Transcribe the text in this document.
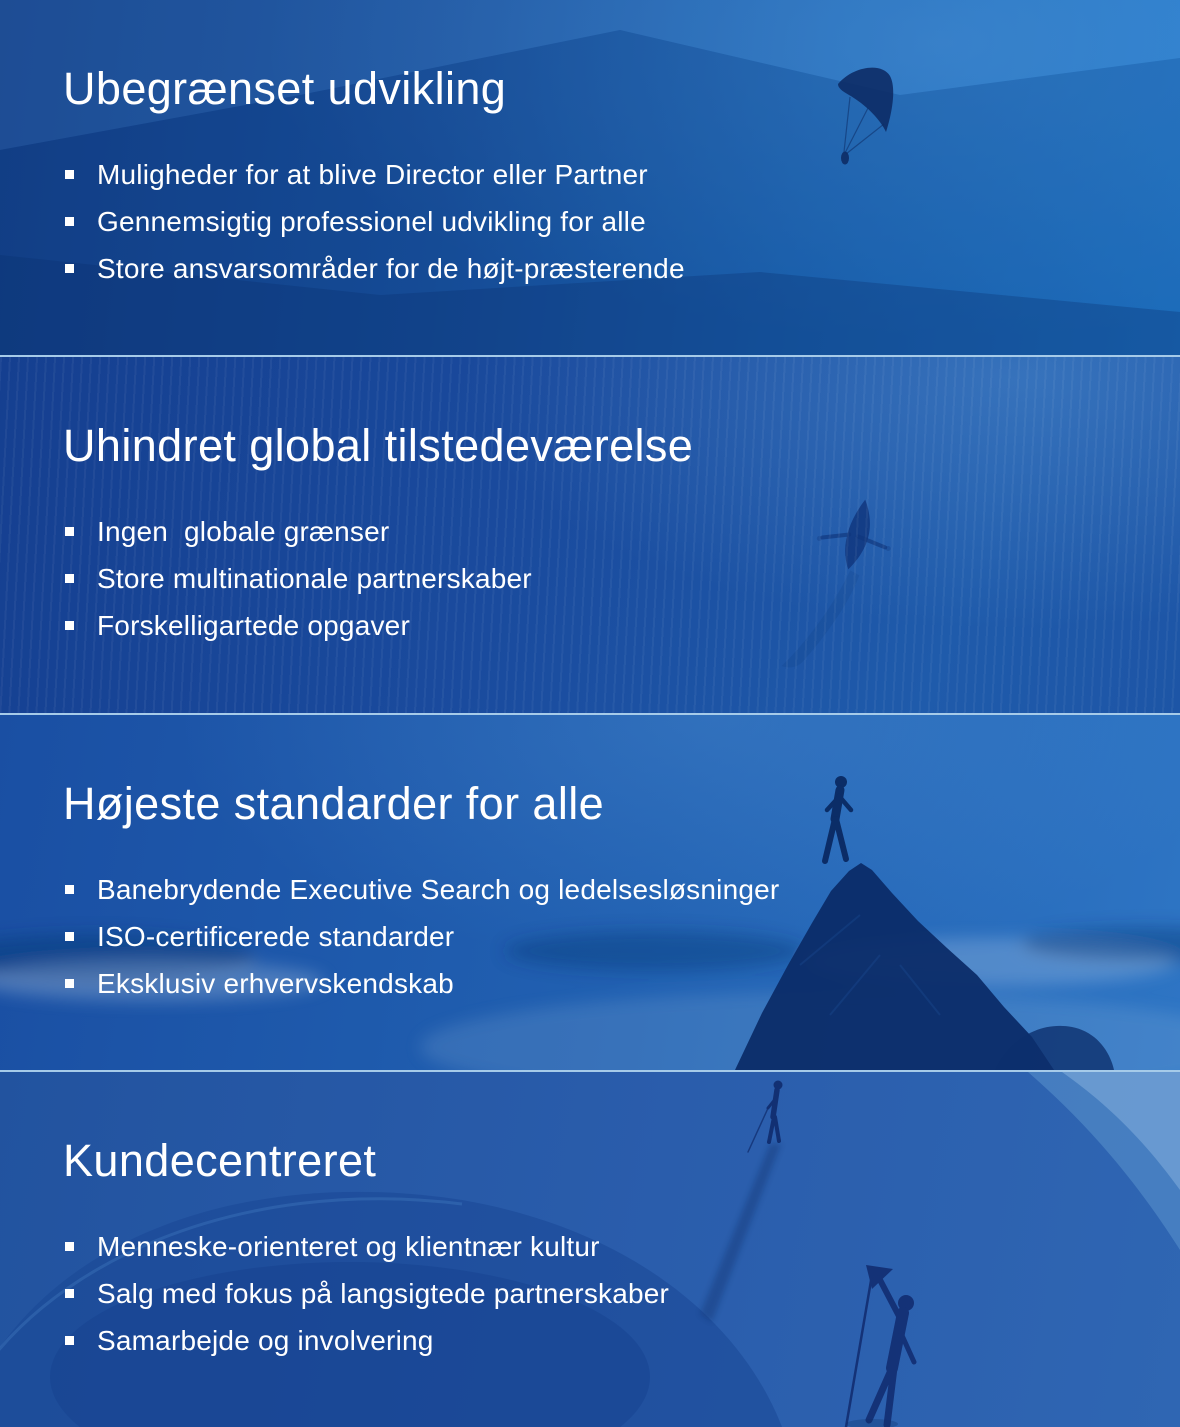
Ubegrænset udvikling
Muligheder for at blive Director eller Partner
Gennemsigtig professionel udvikling for alle
Store ansvarsområder for de højt-præsterende
Uhindret global tilstedeværelse
Ingen  globale grænser
Store multinationale partnerskaber
Forskelligartede opgaver
Højeste standarder for alle
Banebrydende Executive Search og ledelsesløsninger
ISO-certificerede standarder
Eksklusiv erhvervskendskab
Kundecentreret
Menneske-orienteret og klientnær kultur
Salg med fokus på langsigtede partnerskaber
Samarbejde og involvering
